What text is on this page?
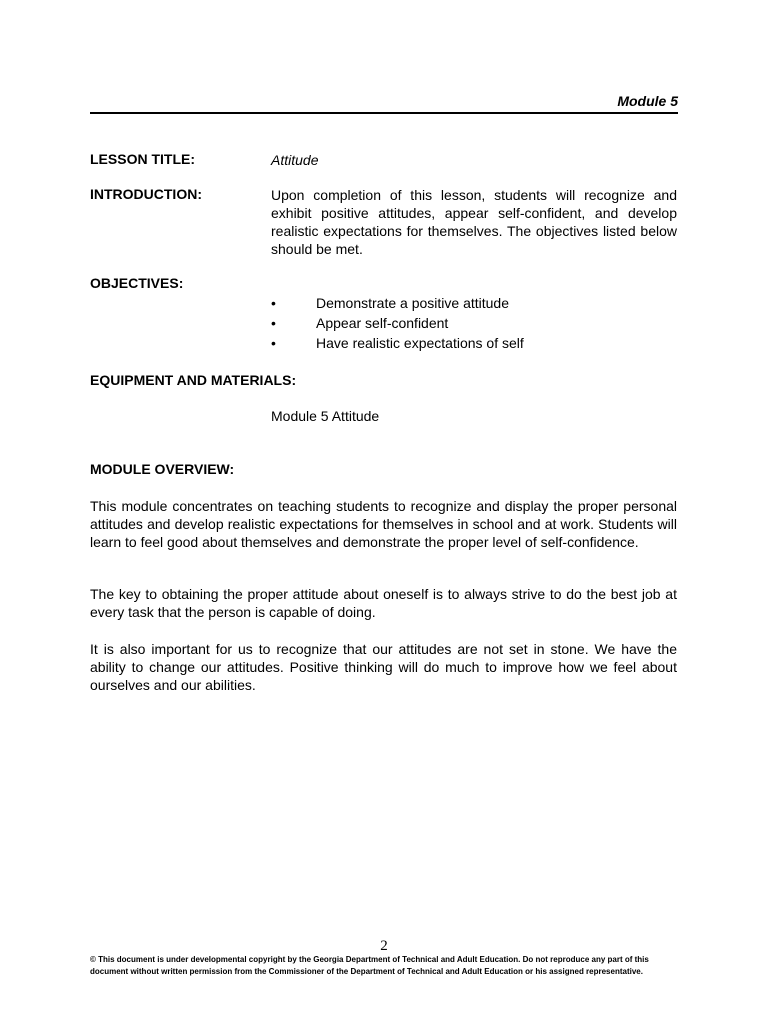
Module 5
LESSON TITLE:	Attitude
INTRODUCTION:	Upon completion of this lesson, students will recognize and exhibit positive attitudes, appear self-confident, and develop realistic expectations for themselves. The objectives listed below should be met.
OBJECTIVES:
•	Demonstrate a positive attitude
•	Appear self-confident
•	Have realistic expectations of self
EQUIPMENT AND MATERIALS:
Module 5 Attitude
MODULE OVERVIEW:

This module concentrates on teaching students to recognize and display the proper personal attitudes and develop realistic expectations for themselves in school and at work. Students will learn to feel good about themselves and demonstrate the proper level of self-confidence.

The key to obtaining the proper attitude about oneself is to always strive to do the best job at every task that the person is capable of doing.

It is also important for us to recognize that our attitudes are not set in stone. We have the ability to change our attitudes. Positive thinking will do much to improve how we feel about ourselves and our abilities.

2
© This document is under developmental copyright by the Georgia Department of Technical and Adult Education. Do not reproduce any part of this document without written permission from the Commissioner of the Department of Technical and Adult Education or his assigned representative.
